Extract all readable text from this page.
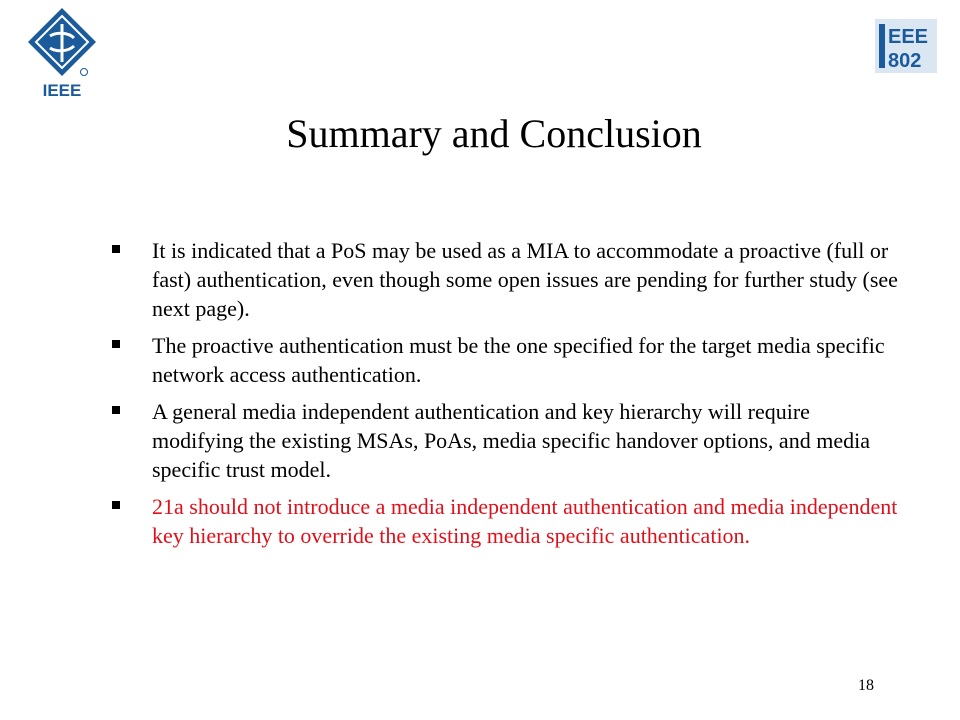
IEEE
EEE
802
Summary and Conclusion
It is indicated that a PoS may be used as a MIA to accommodate a proactive (full or fast) authentication, even though some open issues are pending for further study (see next page).
The proactive authentication must be the one specified for the target media specific network access authentication.
A general media independent authentication and key hierarchy will require modifying the existing MSAs, PoAs, media specific handover options, and media specific trust model.
21a should not introduce a media independent authentication and media independent key hierarchy to override the existing media specific authentication.
18
